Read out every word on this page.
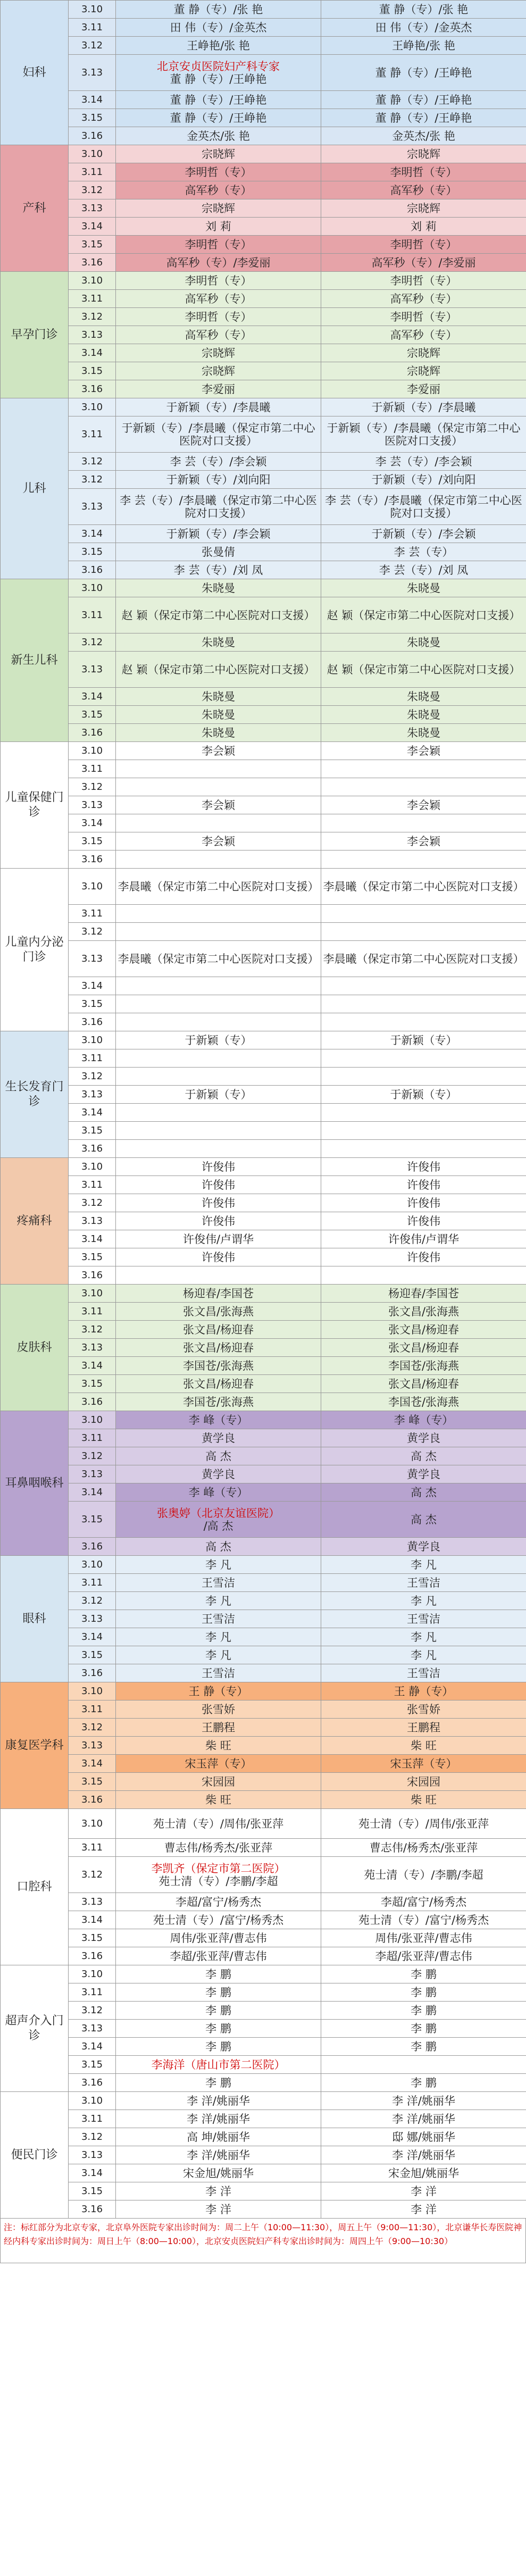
妇科	3.10	董 静（专）/张 艳	董 静（专）/张 艳
	3.11	田 伟（专）/金英杰	田 伟（专）/金英杰
	3.12	王峥艳/张 艳	王峥艳/张 艳
	3.13	北京安贞医院妇产科专家
董 静（专）/王峥艳	董 静（专）/王峥艳
	3.14	董 静（专）/王峥艳	董 静（专）/王峥艳
	3.15	董 静（专）/王峥艳	董 静（专）/王峥艳
	3.16	金英杰/张 艳	金英杰/张 艳
产科	3.10	宗晓辉	宗晓辉
	3.11	李明哲（专）	李明哲（专）
	3.12	高军秒（专）	高军秒（专）
	3.13	宗晓辉	宗晓辉
	3.14	刘 莉	刘 莉
	3.15	李明哲（专）	李明哲（专）
	3.16	高军秒（专）/李爱丽	高军秒（专）/李爱丽
早孕门诊	3.10	李明哲（专）	李明哲（专）
	3.11	高军秒（专）	高军秒（专）
	3.12	李明哲（专）	李明哲（专）
	3.13	高军秒（专）	高军秒（专）
	3.14	宗晓辉	宗晓辉
	3.15	宗晓辉	宗晓辉
	3.16	李爱丽	李爱丽
儿科	3.10	于新颖（专）/李晨曦	于新颖（专）/李晨曦
	3.11	于新颖（专）/李晨曦（保定市第二中心医院对口支援）	于新颖（专）/李晨曦（保定市第二中心医院对口支援）
	3.12	李 芸（专）/李会颖	李 芸（专）/李会颖
	3.12	于新颖（专）/刘向阳	于新颖（专）/刘向阳
	3.13	李 芸（专）/李晨曦（保定市第二中心医院对口支援）	李 芸（专）/李晨曦（保定市第二中心医院对口支援）
	3.14	于新颖（专）/李会颖	于新颖（专）/李会颖
	3.15	张曼倩	李 芸（专）
	3.16	李 芸（专）/刘 凤	李 芸（专）/刘 凤
新生儿科	3.10	朱晓曼	朱晓曼
	3.11	赵 颖（保定市第二中心医院对口支援）	赵 颖（保定市第二中心医院对口支援）
	3.12	朱晓曼	朱晓曼
	3.13	赵 颖（保定市第二中心医院对口支援）	赵 颖（保定市第二中心医院对口支援）
	3.14	朱晓曼	朱晓曼
	3.15	朱晓曼	朱晓曼
	3.16	朱晓曼	朱晓曼
儿童保健门诊	3.10	李会颖	李会颖
	3.11		
	3.12		
	3.13	李会颖	李会颖
	3.14		
	3.15	李会颖	李会颖
	3.16		
儿童内分泌门诊	3.10	李晨曦（保定市第二中心医院对口支援）	李晨曦（保定市第二中心医院对口支援）
	3.11		
	3.12		
	3.13	李晨曦（保定市第二中心医院对口支援）	李晨曦（保定市第二中心医院对口支援）
	3.14		
	3.15		
	3.16		
生长发育门诊	3.10	于新颖（专）	于新颖（专）
	3.11		
	3.12		
	3.13	于新颖（专）	于新颖（专）
	3.14		
	3.15		
	3.16		
疼痛科	3.10	许俊伟	许俊伟
	3.11	许俊伟	许俊伟
	3.12	许俊伟	许俊伟
	3.13	许俊伟	许俊伟
	3.14	许俊伟/卢谓华	许俊伟/卢谓华
	3.15	许俊伟	许俊伟
	3.16		
皮肤科	3.10	杨迎春/李国苍	杨迎春/李国苍
	3.11	张文昌/张海燕	张文昌/张海燕
	3.12	张文昌/杨迎春	张文昌/杨迎春
	3.13	张文昌/杨迎春	张文昌/杨迎春
	3.14	李国苍/张海燕	李国苍/张海燕
	3.15	张文昌/杨迎春	张文昌/杨迎春
	3.16	李国苍/张海燕	李国苍/张海燕
耳鼻咽喉科	3.10	李 峰（专）	李 峰（专）
	3.11	黄学良	黄学良
	3.12	高 杰	高 杰
	3.13	黄学良	黄学良
	3.14	李 峰（专）	高 杰
	3.15	张奥婷（北京友谊医院）
/高 杰	高 杰
	3.16	高 杰	黄学良
眼科	3.10	李 凡	李 凡
	3.11	王雪洁	王雪洁
	3.12	李 凡	李 凡
	3.13	王雪洁	王雪洁
	3.14	李 凡	李 凡
	3.15	李 凡	李 凡
	3.16	王雪洁	王雪洁
康复医学科	3.10	王 静（专）	王 静（专）
	3.11	张雪娇	张雪娇
	3.12	王鹏程	王鹏程
	3.13	柴 旺	柴 旺
	3.14	宋玉萍（专）	宋玉萍（专）
	3.15	宋园园	宋园园
	3.16	柴 旺	柴 旺
口腔科	3.10	苑士清（专）/周伟/张亚萍	苑士清（专）/周伟/张亚萍
	3.11	曹志伟/杨秀杰/张亚萍	曹志伟/杨秀杰/张亚萍
	3.12	李凯齐（保定市第二医院）
苑士清（专）/李鹏/李超	苑士清（专）/李鹏/李超
	3.13	李超/富宁/杨秀杰	李超/富宁/杨秀杰
	3.14	苑士清（专）/富宁/杨秀杰	苑士清（专）/富宁/杨秀杰
	3.15	周伟/张亚萍/曹志伟	周伟/张亚萍/曹志伟
	3.16	李超/张亚萍/曹志伟	李超/张亚萍/曹志伟
超声介入门诊	3.10	李 鹏	李 鹏
	3.11	李 鹏	李 鹏
	3.12	李 鹏	李 鹏
	3.13	李 鹏	李 鹏
	3.14	李 鹏	李 鹏
	3.15	李海洋（唐山市第二医院）	
	3.16	李 鹏	李 鹏
便民门诊	3.10	李 洋/姚丽华	李 洋/姚丽华
	3.11	李 洋/姚丽华	李 洋/姚丽华
	3.12	高 坤/姚丽华	邸 娜/姚丽华
	3.13	李 洋/姚丽华	李 洋/姚丽华
	3.14	宋金旭/姚丽华	宋金旭/姚丽华
	3.15	李 洋	李 洋
	3.16	李 洋	李 洋
注：标红部分为北京专家，北京阜外医院专家出诊时间为：周二上午（10:00—11:30），周五上午（9:00—11:30），北京谦华长寿医院神经内科专家出诊时间为：周日上午（8:00—10:00），北京安贞医院妇产科专家出诊时间为：周四上午（9:00—10:30）
